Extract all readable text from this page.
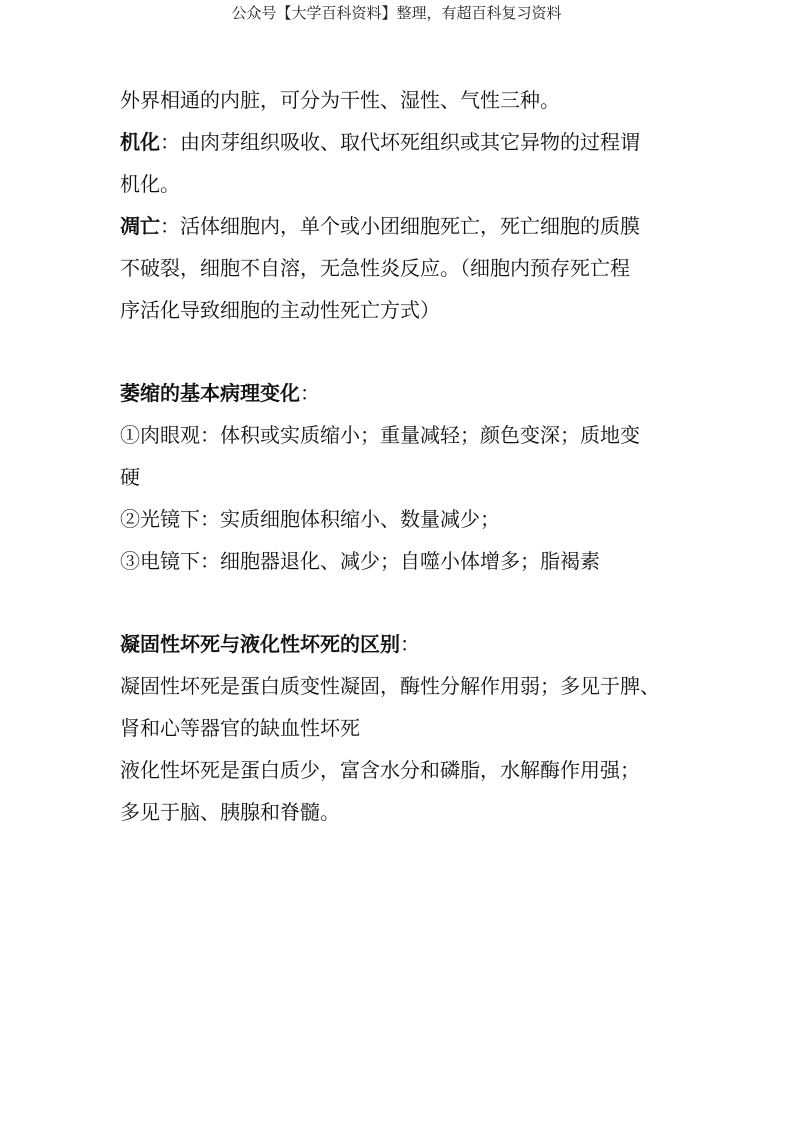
公众号【大学百科资料】整理，有超百科复习资料
外界相通的内脏，可分为干性、湿性、气性三种。
机化：由肉芽组织吸收、取代坏死组织或其它异物的过程谓
机化。
凋亡：活体细胞内，单个或小团细胞死亡，死亡细胞的质膜
不破裂，细胞不自溶，无急性炎反应。（细胞内预存死亡程
序活化导致细胞的主动性死亡方式）
萎缩的基本病理变化：
①肉眼观：体积或实质缩小；重量减轻；颜色变深；质地变
硬
②光镜下：实质细胞体积缩小、数量减少；
③电镜下：细胞器退化、减少；自噬小体增多；脂褐素
凝固性坏死与液化性坏死的区别：
凝固性坏死是蛋白质变性凝固，酶性分解作用弱；多见于脾、
肾和心等器官的缺血性坏死
液化性坏死是蛋白质少，富含水分和磷脂，水解酶作用强；
多见于脑、胰腺和脊髓。
